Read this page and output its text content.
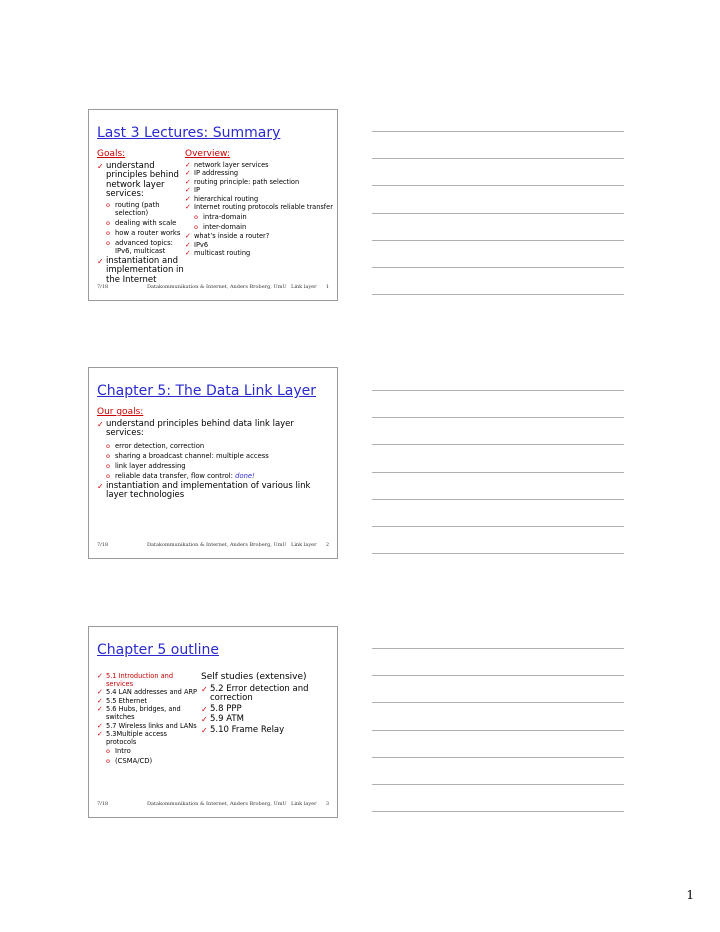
Last 3 Lectures: Summary
Goals:
✓ understand principles behind network layer services:
o routing (path selection)
o dealing with scale
o how a router works
o advanced topics: IPv6, multicast
✓ instantiation and implementation in the Internet
Overview:
✓ network layer services
✓ IP addressing
✓ routing principle: path selection
✓ IP
✓ hierarchical routing
✓ Internet routing protocols reliable transfer
o intra-domain
o inter-domain
✓ what’s inside a router?
✓ IPv6
✓ multicast routing
7/18	Datakommunikation & Internet, Anders Broberg, UmU Link layer 1
Chapter 5: The Data Link Layer
Our goals:
✓ understand principles behind data link layer services:
o error detection, correction
o sharing a broadcast channel: multiple access
o link layer addressing
o reliable data transfer, flow control: done!
✓ instantiation and implementation of various link layer technologies
7/18	Datakommunikation & Internet, Anders Broberg, UmU Link layer 2
Chapter 5 outline
✓ 5.1 Introduction and services
✓ 5.4 LAN addresses and ARP
✓ 5.5 Ethernet
✓ 5.6 Hubs, bridges, and switches
✓ 5.7 Wireless links and LANs
✓ 5.3Multiple access protocols
o Intro
o (CSMA/CD)
Self studies (extensive)
✓ 5.2 Error detection and correction
✓ 5.8 PPP
✓ 5.9 ATM
✓ 5.10 Frame Relay
7/18	Datakommunikation & Internet, Anders Broberg, UmU Link layer 3
1
